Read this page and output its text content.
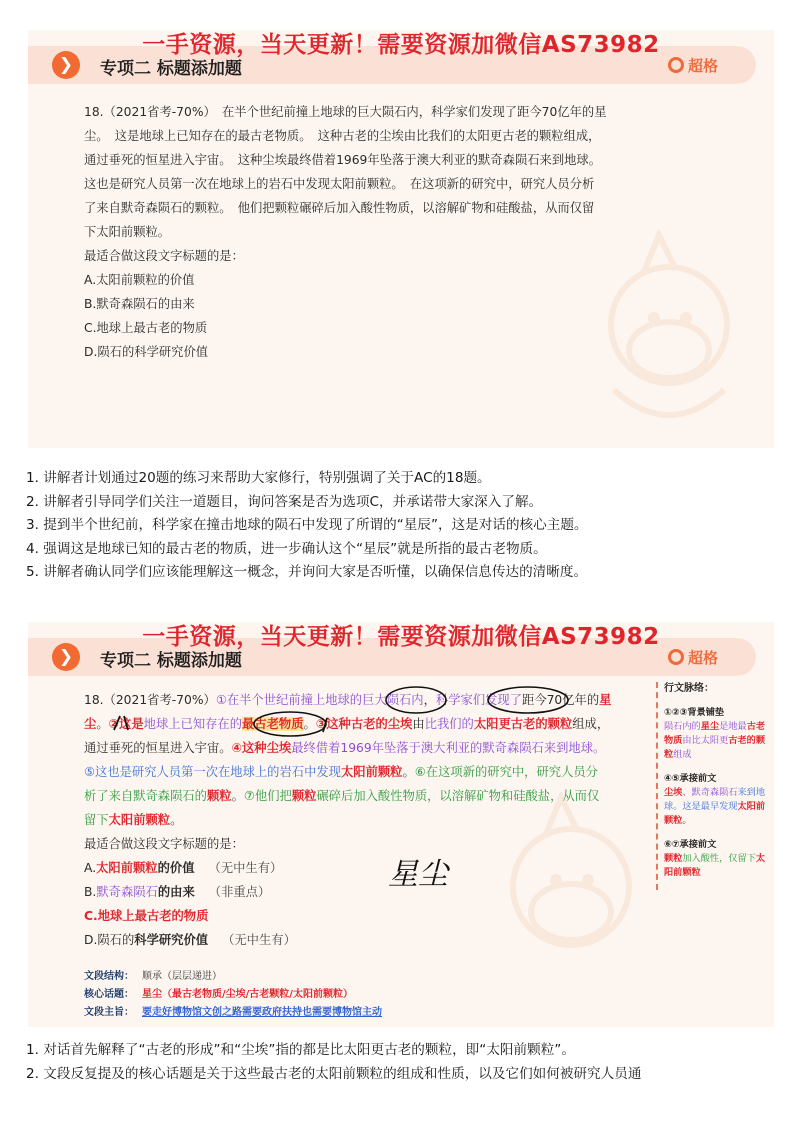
一手资源，当天更新！需要资源加微信AS73982
❯	专项二 标题添加题	超格
18.（2021省考-70%）　在半个世纪前撞上地球的巨大陨石内，科学家们发现了距今70亿年的星
尘。　这是地球上已知存在的最古老物质。　这种古老的尘埃由比我们的太阳更古老的颗粒组成，
通过垂死的恒星进入宇宙。　这种尘埃最终借着1969年坠落于澳大利亚的默奇森陨石来到地球。
这也是研究人员第一次在地球上的岩石中发现太阳前颗粒。　在这项新的研究中，研究人员分析
了来自默奇森陨石的颗粒。　他们把颗粒碾碎后加入酸性物质，以溶解矿物和硅酸盐，从而仅留
下太阳前颗粒。
最适合做这段文字标题的是：
A.太阳前颗粒的价值
B.默奇森陨石的由来
C.地球上最古老的物质
D.陨石的科学研究价值
1. 讲解者计划通过20题的练习来帮助大家修行，特别强调了关于AC的18题。
2. 讲解者引导同学们关注一道题目，询问答案是否为选项C，并承诺带大家深入了解。
3. 提到半个世纪前，科学家在撞击地球的陨石中发现了所谓的“星辰”，这是对话的核心主题。
4. 强调这是地球已知的最古老的物质，进一步确认这个“星辰”就是所指的最古老物质。
5. 讲解者确认同学们应该能理解这一概念，并询问大家是否听懂，以确保信息传达的清晰度。
一手资源，当天更新！需要资源加微信AS73982
❯	专项二 标题添加题	超格
18.（2021省考-70%）①在半个世纪前撞上地球的巨大陨石内，科学家们发现了距今70亿年的星
尘。②这是地球上已知存在的最古老物质。③这种古老的尘埃由比我们的太阳更古老的颗粒组成，
通过垂死的恒星进入宇宙。④这种尘埃最终借着1969年坠落于澳大利亚的默奇森陨石来到地球。
⑤这也是研究人员第一次在地球上的岩石中发现太阳前颗粒。⑥在这项新的研究中，研究人员分
析了来自默奇森陨石的颗粒。⑦他们把颗粒碾碎后加入酸性物质，以溶解矿物和硅酸盐，从而仅
留下太阳前颗粒。
最适合做这段文字标题的是：
A.太阳前颗粒的价值 （无中生有）
B.默奇森陨石的由来 （非重点）
C.地球上最古老的物质
D.陨石的科学研究价值 （无中生有）
星尘
行文脉络：
①②③背景铺垫
陨石内的星尘是地最古老物质由比太阳更古老的颗粒组成
④⑤承接前文
尘埃、默奇森陨石来到地球。这是最早发现太阳前颗粒。
⑥⑦承接前文
颗粒加入酸性，仅留下太阳前颗粒
文段结构： 顺承（层层递进）
核心话题： 星尘（最古老物质/尘埃/古老颗粒/太阳前颗粒）
文段主旨： 要走好博物馆文创之路需要政府扶持也需要博物馆主动
1. 对话首先解释了“古老的形成”和“尘埃”指的都是比太阳更古老的颗粒，即“太阳前颗粒”。
2. 文段反复提及的核心话题是关于这些最古老的太阳前颗粒的组成和性质，以及它们如何被研究人员通
